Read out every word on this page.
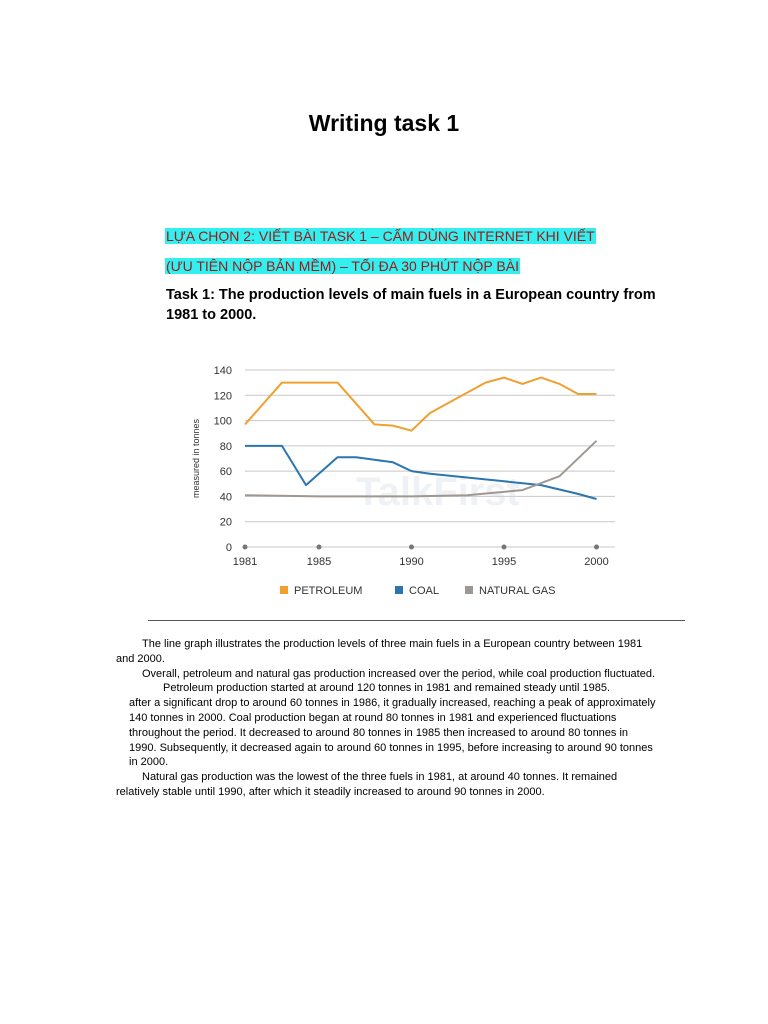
Writing task 1
LỰA CHỌN 2: VIẾT BÀI TASK 1 – CẤM DÙNG INTERNET KHI VIẾT
(ƯU TIÊN NỘP BẢN MỀM) – TỐI ĐA 30 PHÚT NỘP BÀI
Task 1: The production levels of main fuels in a European country from 1981 to 2000.
TalkFirst
0
20
40
60
80
100
120
140
1981	1985	1990	1995	2000
measured in tonnes
PETROLEUM	COAL	NATURAL GAS

The line graph illustrates the production levels of three main fuels in a European country between 1981 and 2000.

Overall, petroleum and natural gas production increased over the period, while coal production fluctuated.

Petroleum production started at around 120 tonnes in 1981 and remained steady until 1985.

after a significant drop to around 60 tonnes in 1986, it gradually increased, reaching a peak of approximately 140 tonnes in 2000. Coal production began at round 80 tonnes in 1981 and experienced fluctuations throughout the period. It decreased to around 80 tonnes in 1985 then increased to around 80 tonnes in 1990. Subsequently, it decreased again to around 60 tonnes in 1995, before increasing to around 90 tonnes in 2000.

Natural gas production was the lowest of the three fuels in 1981, at around 40 tonnes. It remained relatively stable until 1990, after which it steadily increased to around 90 tonnes in 2000.
